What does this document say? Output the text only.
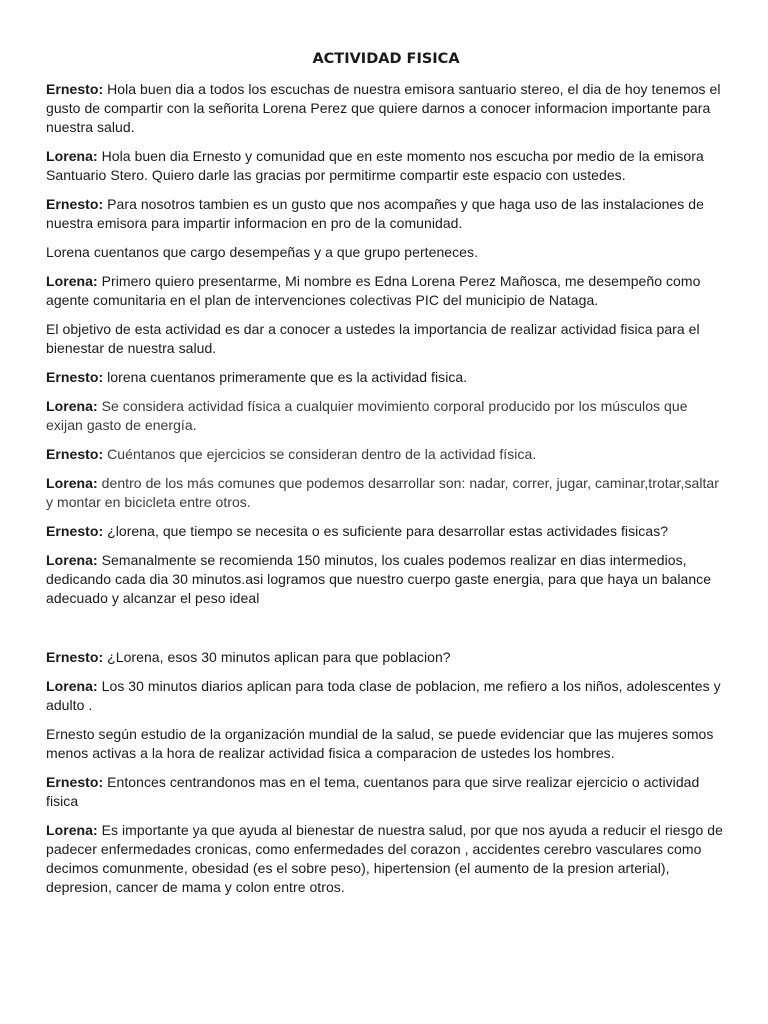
ACTIVIDAD FISICA
Ernesto: Hola buen dia a todos los escuchas de nuestra emisora santuario stereo, el dia de hoy tenemos el gusto de compartir con la señorita Lorena Perez que quiere darnos a conocer informacion importante para nuestra salud.
Lorena: Hola buen dia Ernesto y comunidad que en este momento nos escucha por medio de la emisora Santuario Stero. Quiero darle las gracias por permitirme compartir este espacio con ustedes.
Ernesto: Para nosotros tambien es un gusto que nos acompañes y que haga uso de las instalaciones de nuestra emisora para impartir informacion en pro de la comunidad.
Lorena cuentanos que cargo desempeñas y a que grupo perteneces.
Lorena: Primero quiero presentarme, Mi nombre es Edna Lorena Perez Mañosca, me desempeño como agente comunitaria en el plan de intervenciones colectivas PIC del municipio de Nataga.
El objetivo de esta actividad es dar a conocer a ustedes la importancia de realizar actividad fisica para el bienestar de nuestra salud.
Ernesto: lorena cuentanos primeramente que es la actividad fisica.
Lorena: Se considera actividad física a cualquier movimiento corporal producido por los músculos que exijan gasto de energía.
Ernesto: Cuéntanos que ejercicios se consideran dentro de la actividad física.
Lorena: dentro de los más comunes que podemos desarrollar son: nadar, correr, jugar, caminar,trotar,saltar y montar en bicicleta entre otros.
Ernesto: ¿lorena, que tiempo se necesita o es suficiente para desarrollar estas actividades fisicas?
Lorena: Semanalmente se recomienda 150 minutos, los cuales podemos realizar en dias intermedios, dedicando cada dia 30 minutos.asi logramos que nuestro cuerpo gaste energia, para que haya un balance adecuado y alcanzar el peso ideal
Ernesto: ¿Lorena, esos 30 minutos aplican para que poblacion?
Lorena: Los 30 minutos diarios aplican para toda clase de poblacion, me refiero a los niños, adolescentes y adulto .
Ernesto según estudio de la organización mundial de la salud, se puede evidenciar que las mujeres somos menos activas a la hora de realizar actividad fisica a comparacion de ustedes los hombres.
Ernesto: Entonces centrandonos mas en el tema, cuentanos para que sirve realizar ejercicio o actividad fisica
Lorena: Es importante ya que ayuda al bienestar de nuestra salud, por que nos ayuda a reducir el riesgo de padecer enfermedades cronicas, como enfermedades del corazon , accidentes cerebro vasculares como decimos comunmente, obesidad (es el sobre peso), hipertension (el aumento de la presion arterial), depresion, cancer de mama y colon entre otros.
